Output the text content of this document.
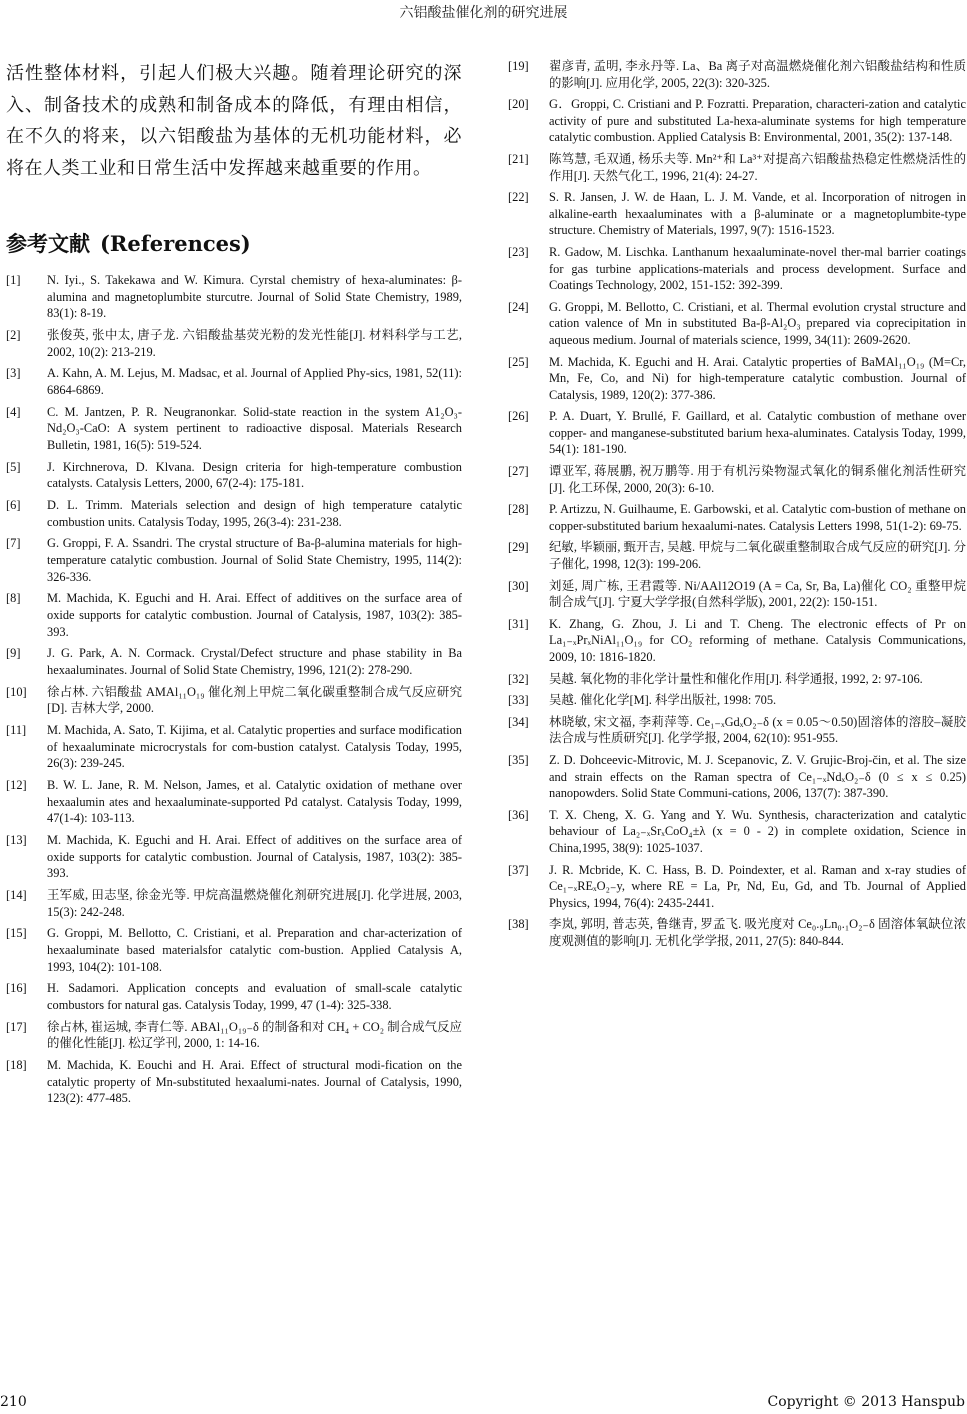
六铝酸盐催化剂的研究进展

活性整体材料，引起人们极大兴趣。随着理论研究的深入、制备技术的成熟和制备成本的降低，有理由相信，在不久的将来，以六铝酸盐为基体的无机功能材料，必将在人类工业和日常生活中发挥越来越重要的作用。

参考文献 (References)
[1] N. Iyi., S. Takekawa and W. Kimura. Cyrstal chemistry of hexa-aluminates: β-alumina and magnetoplumbite sturcutre. Journal of Solid State Chemistry, 1989, 83(1): 8-19.
[2] 张俊英, 张中太, 唐子龙. 六铝酸盐基荧光粉的发光性能[J]. 材料科学与工艺, 2002, 10(2): 213-219.
[3] A. Kahn, A. M. Lejus, M. Madsac, et al. Journal of Applied Phy-sics, 1981, 52(11): 6864-6869.
[4] C. M. Jantzen, P. R. Neugranonkar. Solid-state reaction in the system A1₂O₃-Nd₂O₃-CaO: A system pertinent to radioactive disposal. Materials Research Bulletin, 1981, 16(5): 519-524.
[5] J. Kirchnerova, D. Klvana. Design criteria for high-temperature combustion catalysts. Catalysis Letters, 2000, 67(2-4): 175-181.
[6] D. L. Trimm. Materials selection and design of high temperature catalytic combustion units. Catalysis Today, 1995, 26(3-4): 231-238.
[7] G. Groppi, F. A. Ssandri. The crystal structure of Ba-β-alumina materials for high-temperature catalytic combustion. Journal of Solid State Chemistry, 1995, 114(2): 326-336.
[8] M. Machida, K. Eguchi and H. Arai. Effect of additives on the surface area of oxide supports for catalytic combustion. Journal of Catalysis, 1987, 103(2): 385-393.
[9] J. G. Park, A. N. Cormack. Crystal/Defect structure and phase stability in Ba hexaaluminates. Journal of Solid State Chemistry, 1996, 121(2): 278-290.
[10] 徐占林. 六铝酸盐 AMAl₁₁O₁₉ 催化剂上甲烷二氧化碳重整制合成气反应研究[D]. 吉林大学, 2000.
[11] M. Machida, A. Sato, T. Kijima, et al. Catalytic properties and surface modification of hexaaluminate microcrystals for com-bustion catalyst. Catalysis Today, 1995, 26(3): 239-245.
[12] B. W. L. Jane, R. M. Nelson, James, et al. Catalytic oxidation of methane over hexaalumin ates and hexaaluminate-supported Pd catalyst. Catalysis Today, 1999, 47(1-4): 103-113.
[13] M. Machida, K. Eguchi and H. Arai. Effect of additives on the surface area of oxide supports for catalytic combustion. Journal of Catalysis, 1987, 103(2): 385-393.
[14] 王军威, 田志坚, 徐金光等. 甲烷高温燃烧催化剂研究进展[J]. 化学进展, 2003, 15(3): 242-248.
[15] G. Groppi, M. Bellotto, C. Cristiani, et al. Preparation and char-acterization of hexaaluminate based materialsfor catalytic com-bustion. Applied Catalysis A, 1993, 104(2): 101-108.
[16] H. Sadamori. Application concepts and evaluation of small-scale catalytic combustors for natural gas. Catalysis Today, 1999, 47 (1-4): 325-338.
[17] 徐占林, 崔运城, 李青仁等. ABAl₁₁O₁₉₋δ 的制备和对 CH₄ + CO₂ 制合成气反应的催化性能[J]. 松辽学刊, 2000, 1: 14-16.
[18] M. Machida, K. Eouchi and H. Arai. Effect of structural modi-fication on the catalytic property of Mn-substituted hexaalumi-nates. Journal of Catalysis, 1990, 123(2): 477-485.
[19] 翟彦青, 孟明, 李永丹等. La、Ba 离子对高温燃烧催化剂六铝酸盐结构和性质的影响[J]. 应用化学, 2005, 22(3): 320-325.
[20] G．Groppi, C. Cristiani and P. Fozratti. Preparation, characteri-zation and catalytic activity of pure and substituted La-hexa-aluminate systems for high temperature catalytic combustion. Applied Catalysis B: Environmental, 2001, 35(2): 137-148.
[21] 陈笃慧, 毛双通, 杨乐夫等. Mn²⁺和 La³⁺对提高六铝酸盐热稳定性燃烧活性的作用[J]. 天然气化工, 1996, 21(4): 24-27.
[22] S. R. Jansen, J. W. de Haan, L. J. M. Vande, et al. Incorporation of nitrogen in alkaline-earth hexaaluminates with a β-aluminate or a magnetoplumbite-type structure. Chemistry of Materials, 1997, 9(7): 1516-1523.
[23] R. Gadow, M. Lischka. Lanthanum hexaaluminate-novel ther-mal barrier coatings for gas turbine applications-materials and process development. Surface and Coatings Technology, 2002, 151-152: 392-399.
[24] G. Groppi, M. Bellotto, C. Cristiani, et al. Thermal evolution crystal structure and cation valence of Mn in substituted Ba-β-Al₂O₃ prepared via coprecipitation in aqueous medium. Journal of materials science, 1999, 34(11): 2609-2620.
[25] M. Machida, K. Eguchi and H. Arai. Catalytic properties of BaMAl₁₁O₁₉ (M=Cr, Mn, Fe, Co, and Ni) for high-temperature catalytic combustion. Journal of Catalysis, 1989, 120(2): 377-386.
[26] P. A. Duart, Y. Brullé, F. Gaillard, et al. Catalytic combustion of methane over copper- and manganese-substituted barium hexa-aluminates. Catalysis Today, 1999, 54(1): 181-190.
[27] 谭亚军, 蒋展鹏, 祝万鹏等. 用于有机污染物湿式氧化的铜系催化剂活性研究[J]. 化工环保, 2000, 20(3): 6-10.
[28] P. Artizzu, N. Guilhaume, E. Garbowski, et al. Catalytic com-bustion of methane on copper-substituted barium hexaalumi-nates. Catalysis Letters 1998, 51(1-2): 69-75.
[29] 纪敏, 毕颖丽, 甄开吉, 吴越. 甲烷与二氧化碳重整制取合成气反应的研究[J]. 分子催化, 1998, 12(3): 199-206.
[30] 刘延, 周广栋, 王君霞等. Ni/AAl12O19 (A = Ca, Sr, Ba, La)催化 CO₂ 重整甲烷制合成气[J]. 宁夏大学学报(自然科学版), 2001, 22(2): 150-151.
[31] K. Zhang, G. Zhou, J. Li and T. Cheng. The electronic effects of Pr on La₁₋ₓPrₓNiAl₁₁O₁₉ for CO₂ reforming of methane. Catalysis Communications, 2009, 10: 1816-1820.
[32] 吴越. 氧化物的非化学计量性和催化作用[J]. 科学通报, 1992, 2: 97-106.
[33] 吴越. 催化化学[M]. 科学出版社, 1998: 705.
[34] 林晓敏, 宋文福, 李莉萍等. Ce₁₋ₓGdₓO₂₋δ (x = 0.05～0.50)固溶体的溶胶–凝胶法合成与性质研究[J]. 化学学报, 2004, 62(10): 951-955.
[35] Z. D. Dohceevic-Mitrovic, M. J. Scepanovic, Z. V. Grujic-Broj-čin, et al. The size and strain effects on the Raman spectra of Ce₁₋ₓNdₓO₂₋δ (0 ≤ x ≤ 0.25) nanopowders. Solid State Communi-cations, 2006, 137(7): 387-390.
[36] T. X. Cheng, X. G. Yang and Y. Wu. Synthesis, characterization and catalytic behaviour of La₂₋ₓSrₓCoO₄±λ (x = 0 - 2) in complete oxidation, Science in China,1995, 38(9): 1025-1037.
[37] J. R. Mcbride, K. C. Hass, B. D. Poindexter, et al. Raman and x-ray studies of Ce₁₋ₓREₓO₂₋y, where RE = La, Pr, Nd, Eu, Gd, and Tb. Journal of Applied Physics, 1994, 76(4): 2435-2441.
[38] 李岚, 郭明, 普志英, 鲁继青, 罗孟飞. 吸光度对 Ce₀.₉Ln₀.₁O₂₋δ 固溶体氧缺位浓度观测值的影响[J]. 无机化学学报, 2011, 27(5): 840-844.
210	Copyright © 2013 Hanspub
